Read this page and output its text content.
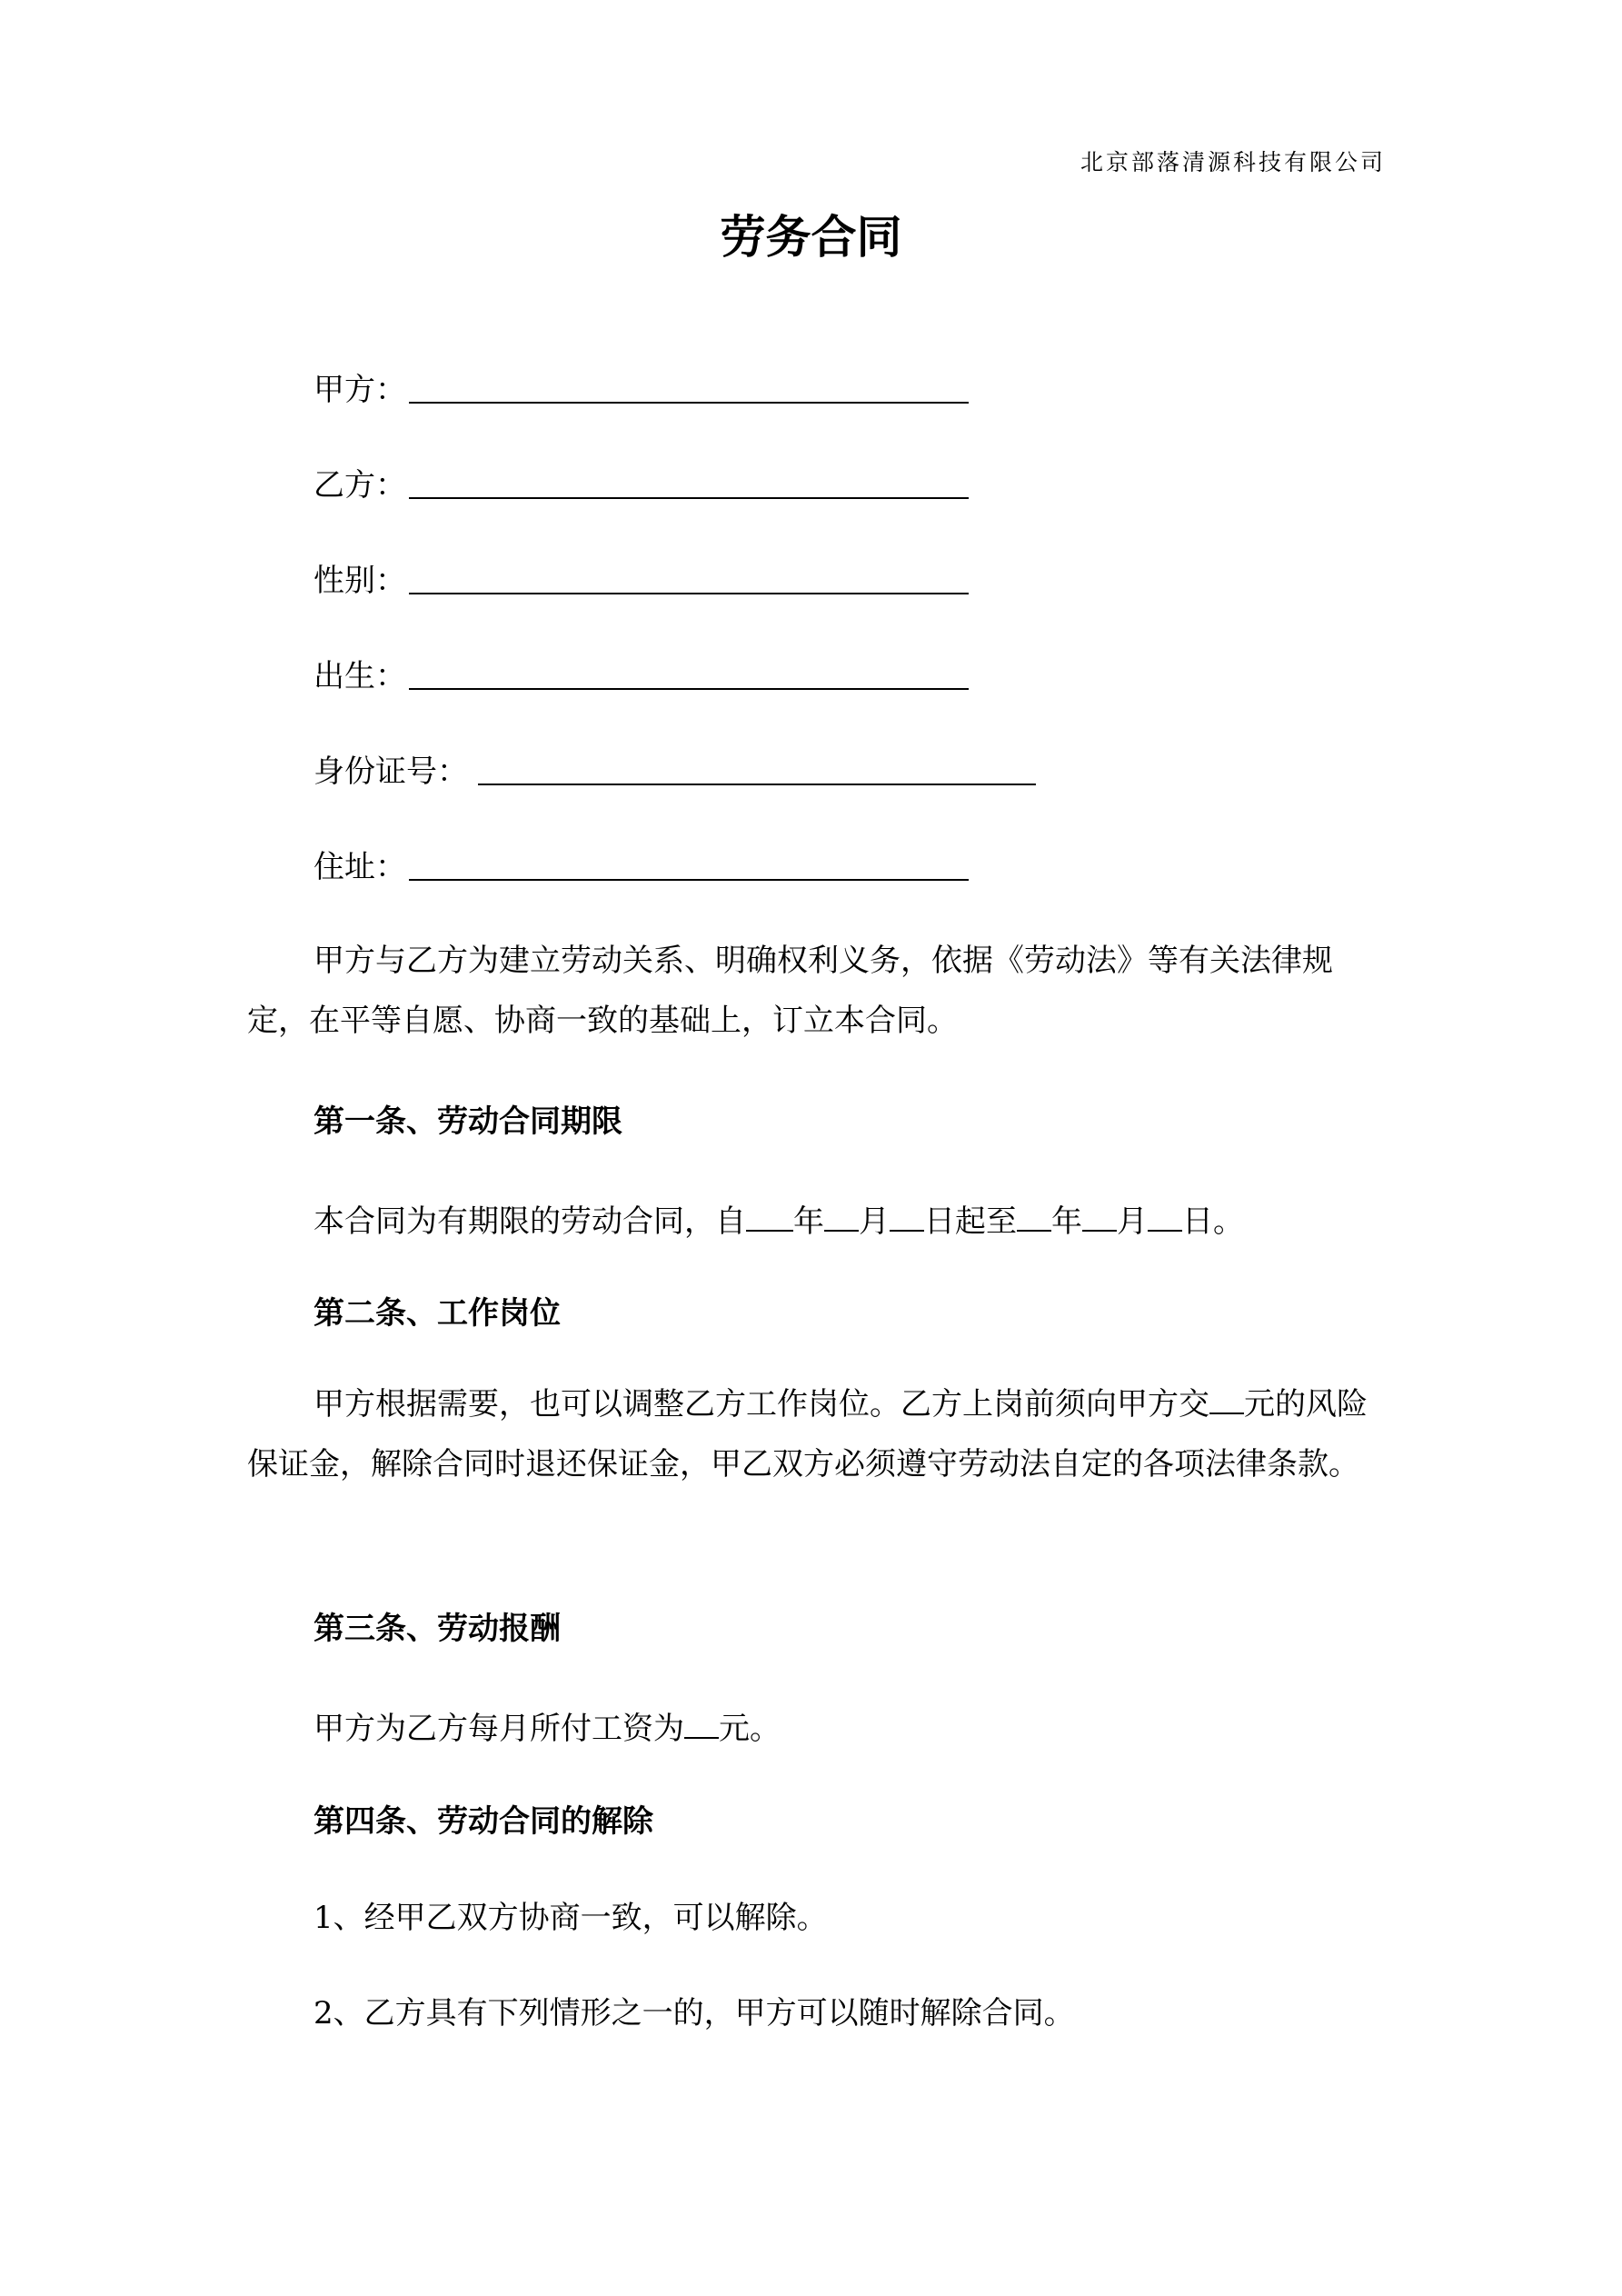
北京部落清源科技有限公司
劳务合同
甲方：
乙方：
性别：
出生：
身份证号：
住址：

甲方与乙方为建立劳动关系、明确权利义务，依据《劳动法》等有关法律规定，在平等自愿、协商一致的基础上，订立本合同。

第一条、劳动合同期限
本合同为有期限的劳动合同，自 年 月 日起至 年 月 日。
第二条、工作岗位

甲方根据需要，也可以调整乙方工作岗位。乙方上岗前须向甲方交 元的风险保证金，解除合同时退还保证金，甲乙双方必须遵守劳动法自定的各项法律条款。

第三条、劳动报酬
甲方为乙方每月所付工资为 元。
第四条、劳动合同的解除
1、经甲乙双方协商一致，可以解除。
2、乙方具有下列情形之一的，甲方可以随时解除合同。
